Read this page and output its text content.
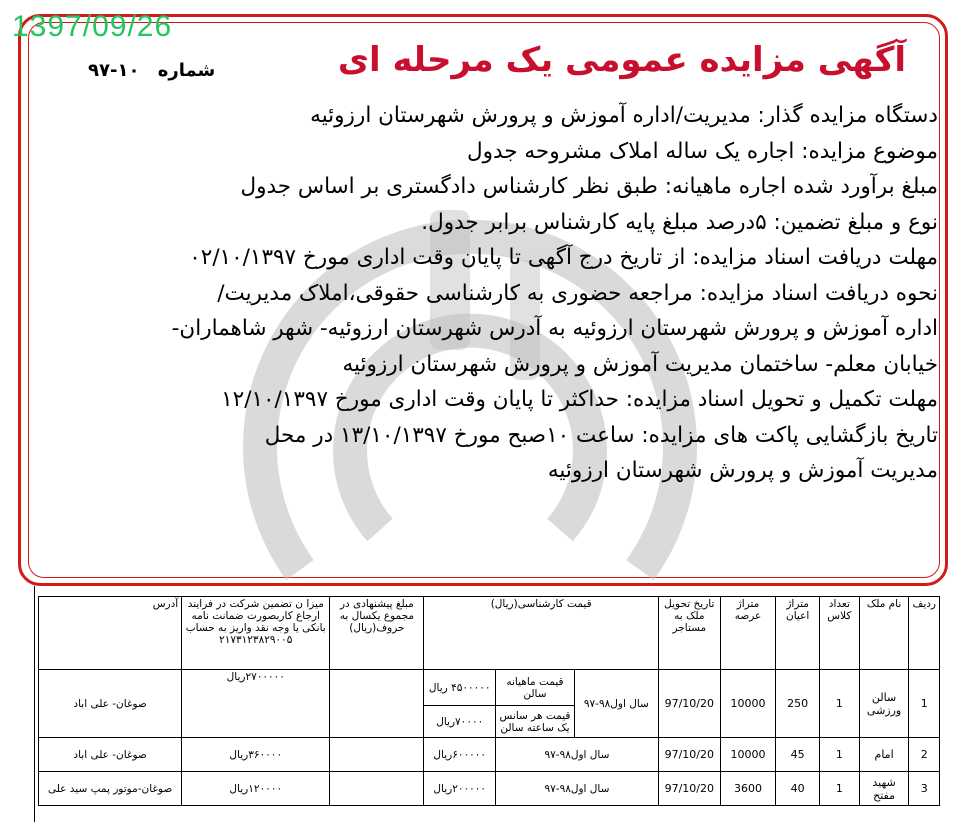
1397/09/26
آگهی مزایده عمومی یک مرحله ای
شماره ۱۰-۹۷
دستگاه مزایده گذار: مدیریت/اداره آموزش و پرورش شهرستان ارزوئیه
موضوع مزایده: اجاره یک ساله املاک مشروحه جدول
مبلغ برآورد شده اجاره ماهیانه: طبق نظر کارشناس دادگستری بر اساس جدول
نوع و مبلغ تضمین: ۵درصد مبلغ پایه کارشناس برابر جدول.
مهلت دریافت اسناد مزایده: از تاریخ درج آگهی تا پایان وقت اداری مورخ ۰۲/۱۰/۱۳۹۷
نحوه دریافت اسناد مزایده: مراجعه حضوری به کارشناسی حقوقی،املاک مدیریت/
اداره آموزش و پرورش شهرستان ارزوئیه به آدرس شهرستان ارزوئیه- شهر شاهماران-
خیابان معلم- ساختمان مدیریت آموزش و پرورش شهرستان ارزوئیه
مهلت تکمیل و تحویل اسناد مزایده: حداکثر تا پایان وقت اداری مورخ ۱۲/۱۰/۱۳۹۷
تاریخ بازگشایی پاکت های مزایده: ساعت ۱۰صبح مورخ ۱۳/۱۰/۱۳۹۷ در محل
مدیریت آموزش و پرورش شهرستان ارزوئیه
ردیف	نام ملک	تعداد کلاس	متراژ اعیان	متراژ عرصه	تاریخ تحویل ملک به مستاجر	قیمت کارشناسی(ریال)			مبلغ پیشنهادی در مجموع یکسال به حروف(ریال)	میزا ن تضمین شرکت در فرایند ارجاع کاربصورت ضمانت نامه بانکی یا وجه نقد واریز به حساب ۲۱۷۳۱۲۳۸۲۹۰۰۵	آدرس
1	سالن ورزشی	1	250	10000	97/10/20	سال اول۹۸-۹۷	قیمت ماهیانه سالن	۴۵۰۰۰۰۰ ریال		۲۷۰۰۰۰۰ریال	صوغان- علی اباد
							قیمت هر سانس یک ساعته سالن	۷۰۰۰۰ریال			
2	امام	1	45	10000	97/10/20	سال اول۹۸-۹۷		۶۰۰۰۰۰ریال		۳۶۰۰۰۰ریال	صوغان- علی اباد
3	شهید مفتح	1	40	3600	97/10/20	سال اول۹۸-۹۷		۲۰۰۰۰۰ریال		۱۲۰۰۰۰ریال	صوغان-موتور پمپ سید علی
